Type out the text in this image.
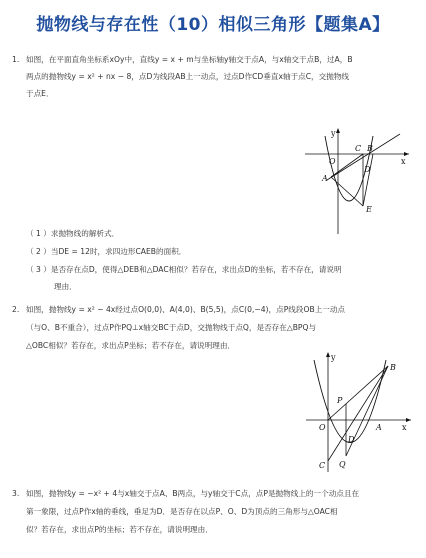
抛物线与存在性（10）相似三角形【题集A】
1. 如图，在平面直角坐标系xOy中，直线y = x + m与坐标轴y轴交于点A，与x轴交于点B，过A，B
两点的抛物线y = x² + nx − 8，点D为线段AB上一动点，过点D作CD垂直x轴于点C，交抛物线
于点E．
y
x
O
C B
D
A
E
（ 1 ）求抛物线的解析式．
（ 2 ）当DE = 12时，求四边形CAEB的面积．
（ 3 ）是否存在点D，使得△DEB和△DAC相似？若存在，求出点D的坐标，若不存在，请说明
理由．
2. 如图，抛物线y = x² − 4x经过点O(0,0)、A(4,0)、B(5,5)，点C(0,−4)，点P线段OB上一动点
（与O、B不重合），过点P作PQ⊥x轴交BC于点D，交抛物线于点Q，是否存在△BPQ与
△OBC相似？若存在，求出点P坐标；若不存在，请说明理由．
y
x
O
B
P
D
A
C Q
3. 如图，抛物线y = −x² + 4与x轴交于点A、B两点，与y轴交于C点，点P是抛物线上的一个动点且在
第一象限，过点P作x轴的垂线，垂足为D．是否存在以点P、O、D为顶点的三角形与△OAC相
似？若存在，求出点P的坐标；若不存在，请说明理由．
